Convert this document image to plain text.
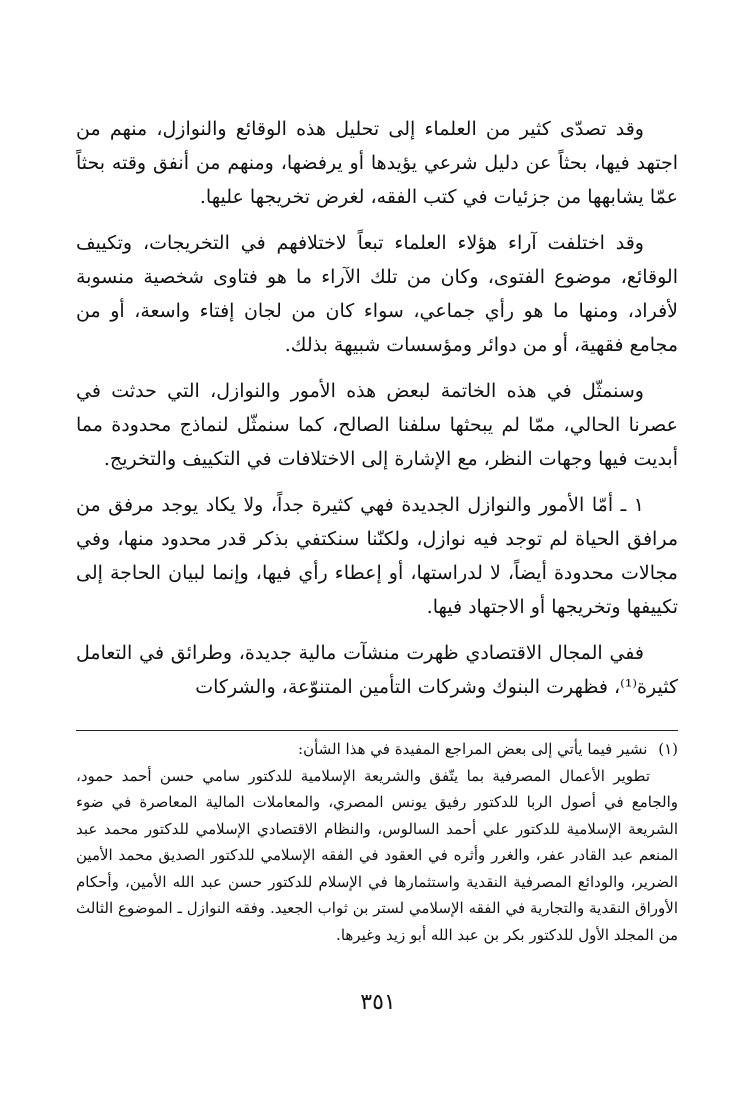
وقد تصدّى كثير من العلماء إلى تحليل هذه الوقائع والنوازل، منهم من اجتهد فيها، بحثاً عن دليل شرعي يؤيدها أو يرفضها، ومنهم من أنفق وقته بحثاً عمّا يشابهها من جزئيات في كتب الفقه، لغرض تخريجها عليها.

وقد اختلفت آراء هؤلاء العلماء تبعاً لاختلافهم في التخريجات، وتكييف الوقائع، موضوع الفتوى، وكان من تلك الآراء ما هو فتاوى شخصية منسوبة لأفراد، ومنها ما هو رأي جماعي، سواء كان من لجان إفتاء واسعة، أو من مجامع فقهية، أو من دوائر ومؤسسات شبيهة بذلك.

وسنمثّل في هذه الخاتمة لبعض هذه الأمور والنوازل، التي حدثت في عصرنا الحالي، ممّا لم يبحثها سلفنا الصالح، كما سنمثّل لنماذج محدودة مما أبديت فيها وجهات النظر، مع الإشارة إلى الاختلافات في التكييف والتخريج.

١ ـ أمّا الأمور والنوازل الجديدة فهي كثيرة جداً، ولا يكاد يوجد مرفق من مرافق الحياة لم توجد فيه نوازل، ولكنّنا سنكتفي بذكر قدر محدود منها، وفي مجالات محدودة أيضاً، لا لدراستها، أو إعطاء رأي فيها، وإنما لبيان الحاجة إلى تكييفها وتخريجها أو الاجتهاد فيها.

ففي المجال الاقتصادي ظهرت منشآت مالية جديدة، وطرائق في التعامل كثيرة⁽¹⁾، فظهرت البنوك وشركات التأمين المتنوّعة، والشركات

(١) نشير فيما يأتي إلى بعض المراجع المفيدة في هذا الشأن:

تطوير الأعمال المصرفية بما يتّفق والشريعة الإسلامية للدكتور سامي حسن أحمد حمود، والجامع في أصول الربا للدكتور رفيق يونس المصري، والمعاملات المالية المعاصرة في ضوء الشريعة الإسلامية للدكتور علي أحمد السالوس، والنظام الاقتصادي الإسلامي للدكتور محمد عبد المنعم عبد القادر عفر، والغرر وأثره في العقود في الفقه الإسلامي للدكتور الصديق محمد الأمين الضرير، والودائع المصرفية النقدية واستثمارها في الإسلام للدكتور حسن عبد الله الأمين، وأحكام الأوراق النقدية والتجارية في الفقه الإسلامي لستر بن ثواب الجعيد. وفقه النوازل ـ الموضوع الثالث من المجلد الأول للدكتور بكر بن عبد الله أبو زيد وغيرها.

٣٥١
